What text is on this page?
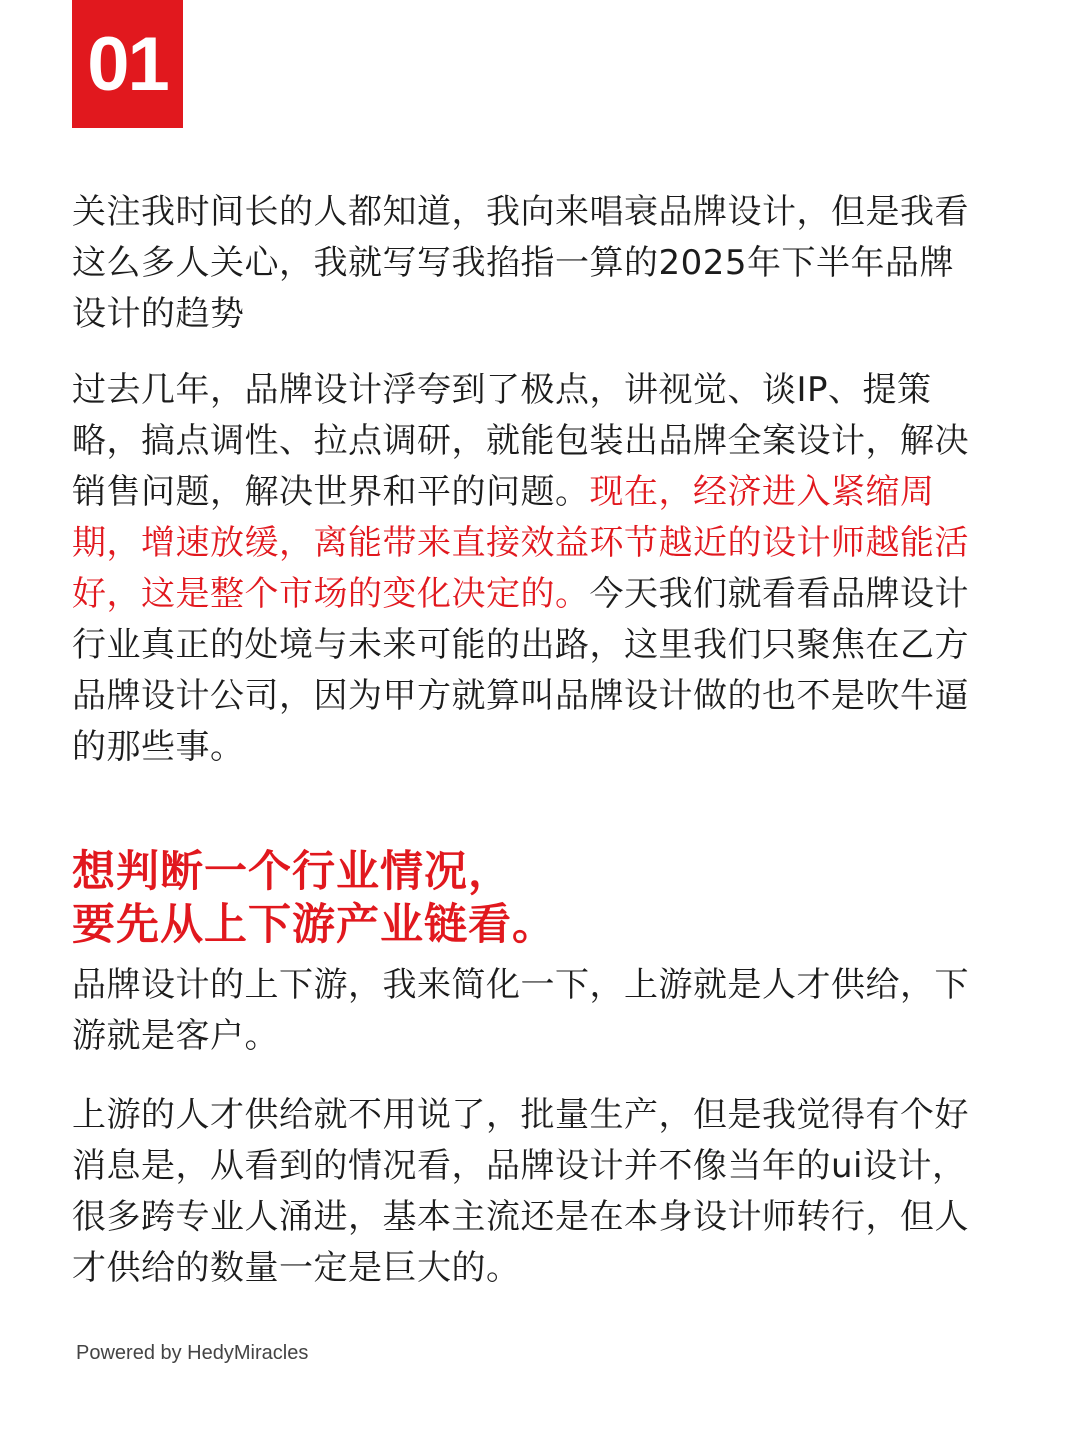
01

关注我时间长的人都知道，我向来唱衰品牌设计，但是我看这么多人关心，我就写写我掐指一算的2025年下半年品牌设计的趋势

过去几年，品牌设计浮夸到了极点，讲视觉、谈IP、提策略，搞点调性、拉点调研，就能包装出品牌全案设计，解决销售问题，解决世界和平的问题。现在，经济进入紧缩周期，增速放缓，离能带来直接效益环节越近的设计师越能活好，这是整个市场的变化决定的。今天我们就看看品牌设计行业真正的处境与未来可能的出路，这里我们只聚焦在乙方品牌设计公司，因为甲方就算叫品牌设计做的也不是吹牛逼的那些事。

想判断一个行业情况，
要先从上下游产业链看。

品牌设计的上下游，我来简化一下，上游就是人才供给，下游就是客户。

上游的人才供给就不用说了，批量生产，但是我觉得有个好消息是，从看到的情况看，品牌设计并不像当年的ui设计，很多跨专业人涌进，基本主流还是在本身设计师转行，但人才供给的数量一定是巨大的。

Powered by HedyMiracles
